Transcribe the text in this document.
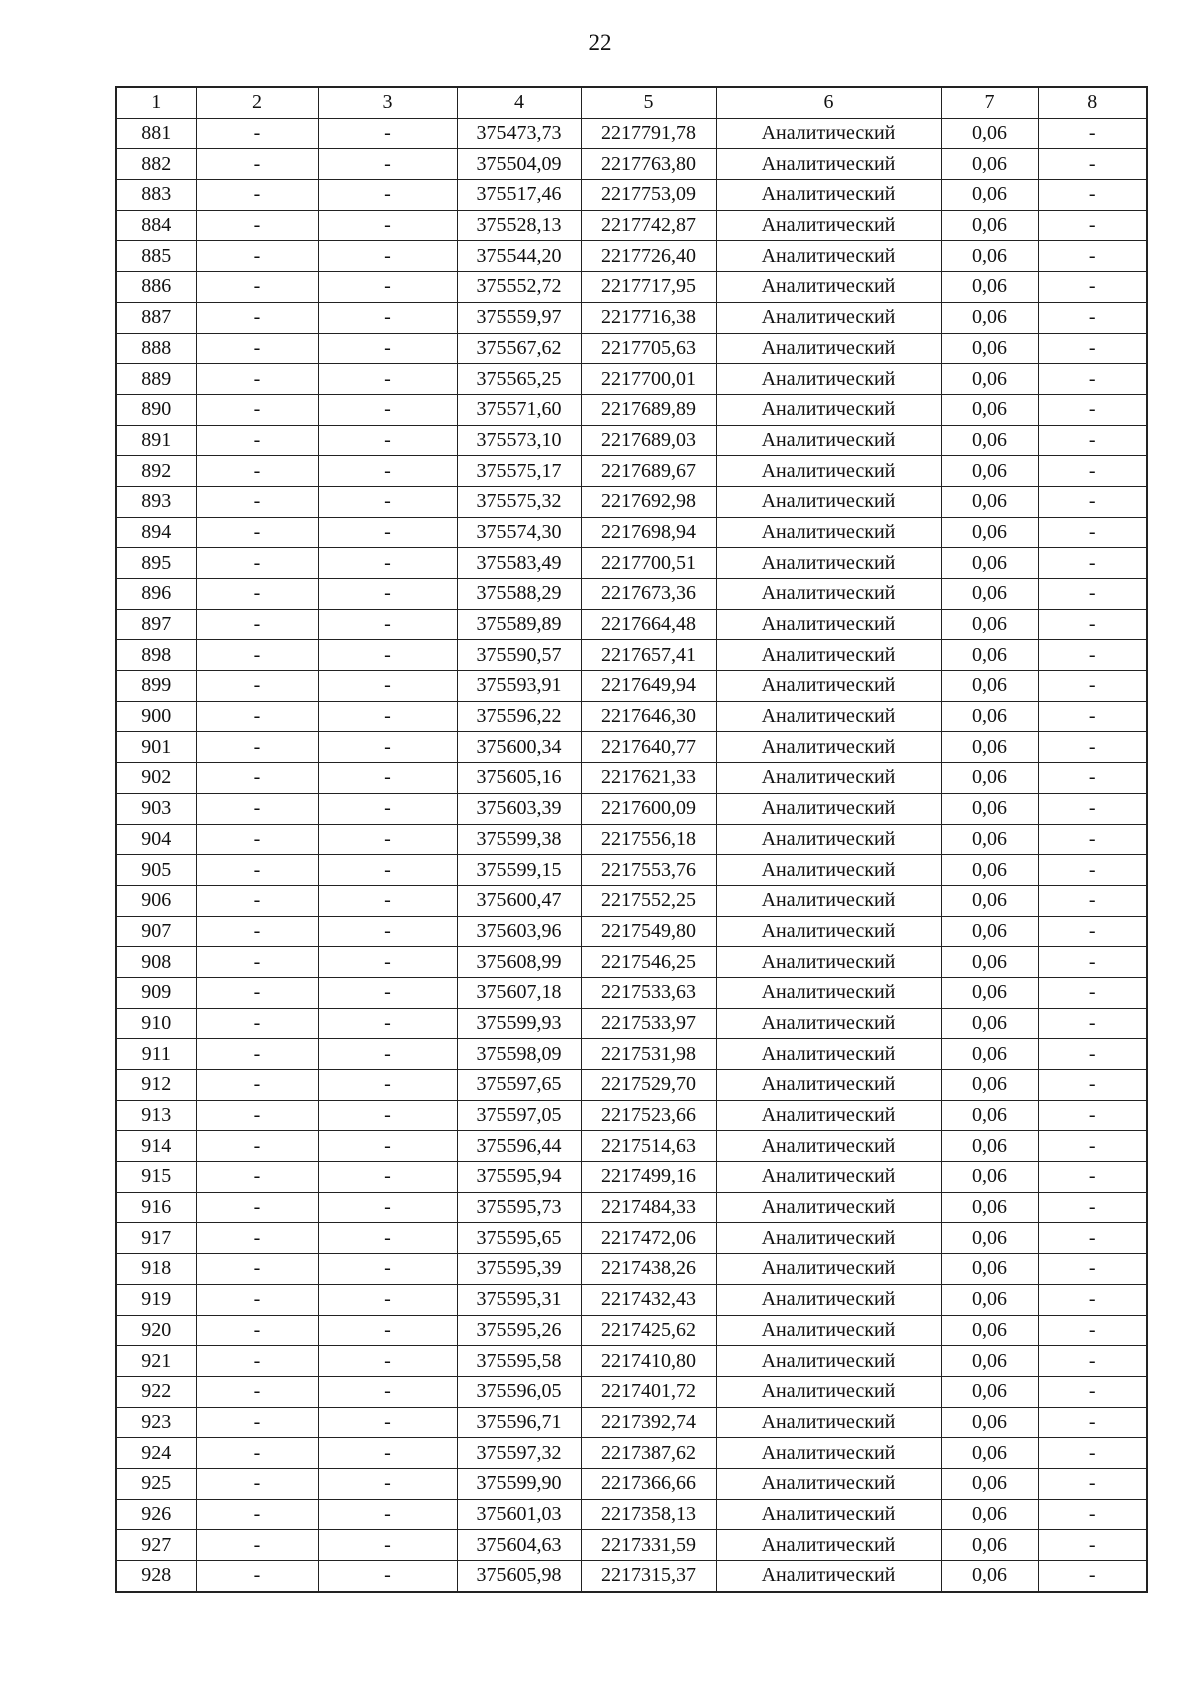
22
1	2	3	4	5	6	7	8
881	-	-	375473,73	2217791,78	Аналитический	0,06	-
882	-	-	375504,09	2217763,80	Аналитический	0,06	-
883	-	-	375517,46	2217753,09	Аналитический	0,06	-
884	-	-	375528,13	2217742,87	Аналитический	0,06	-
885	-	-	375544,20	2217726,40	Аналитический	0,06	-
886	-	-	375552,72	2217717,95	Аналитический	0,06	-
887	-	-	375559,97	2217716,38	Аналитический	0,06	-
888	-	-	375567,62	2217705,63	Аналитический	0,06	-
889	-	-	375565,25	2217700,01	Аналитический	0,06	-
890	-	-	375571,60	2217689,89	Аналитический	0,06	-
891	-	-	375573,10	2217689,03	Аналитический	0,06	-
892	-	-	375575,17	2217689,67	Аналитический	0,06	-
893	-	-	375575,32	2217692,98	Аналитический	0,06	-
894	-	-	375574,30	2217698,94	Аналитический	0,06	-
895	-	-	375583,49	2217700,51	Аналитический	0,06	-
896	-	-	375588,29	2217673,36	Аналитический	0,06	-
897	-	-	375589,89	2217664,48	Аналитический	0,06	-
898	-	-	375590,57	2217657,41	Аналитический	0,06	-
899	-	-	375593,91	2217649,94	Аналитический	0,06	-
900	-	-	375596,22	2217646,30	Аналитический	0,06	-
901	-	-	375600,34	2217640,77	Аналитический	0,06	-
902	-	-	375605,16	2217621,33	Аналитический	0,06	-
903	-	-	375603,39	2217600,09	Аналитический	0,06	-
904	-	-	375599,38	2217556,18	Аналитический	0,06	-
905	-	-	375599,15	2217553,76	Аналитический	0,06	-
906	-	-	375600,47	2217552,25	Аналитический	0,06	-
907	-	-	375603,96	2217549,80	Аналитический	0,06	-
908	-	-	375608,99	2217546,25	Аналитический	0,06	-
909	-	-	375607,18	2217533,63	Аналитический	0,06	-
910	-	-	375599,93	2217533,97	Аналитический	0,06	-
911	-	-	375598,09	2217531,98	Аналитический	0,06	-
912	-	-	375597,65	2217529,70	Аналитический	0,06	-
913	-	-	375597,05	2217523,66	Аналитический	0,06	-
914	-	-	375596,44	2217514,63	Аналитический	0,06	-
915	-	-	375595,94	2217499,16	Аналитический	0,06	-
916	-	-	375595,73	2217484,33	Аналитический	0,06	-
917	-	-	375595,65	2217472,06	Аналитический	0,06	-
918	-	-	375595,39	2217438,26	Аналитический	0,06	-
919	-	-	375595,31	2217432,43	Аналитический	0,06	-
920	-	-	375595,26	2217425,62	Аналитический	0,06	-
921	-	-	375595,58	2217410,80	Аналитический	0,06	-
922	-	-	375596,05	2217401,72	Аналитический	0,06	-
923	-	-	375596,71	2217392,74	Аналитический	0,06	-
924	-	-	375597,32	2217387,62	Аналитический	0,06	-
925	-	-	375599,90	2217366,66	Аналитический	0,06	-
926	-	-	375601,03	2217358,13	Аналитический	0,06	-
927	-	-	375604,63	2217331,59	Аналитический	0,06	-
928	-	-	375605,98	2217315,37	Аналитический	0,06	-
